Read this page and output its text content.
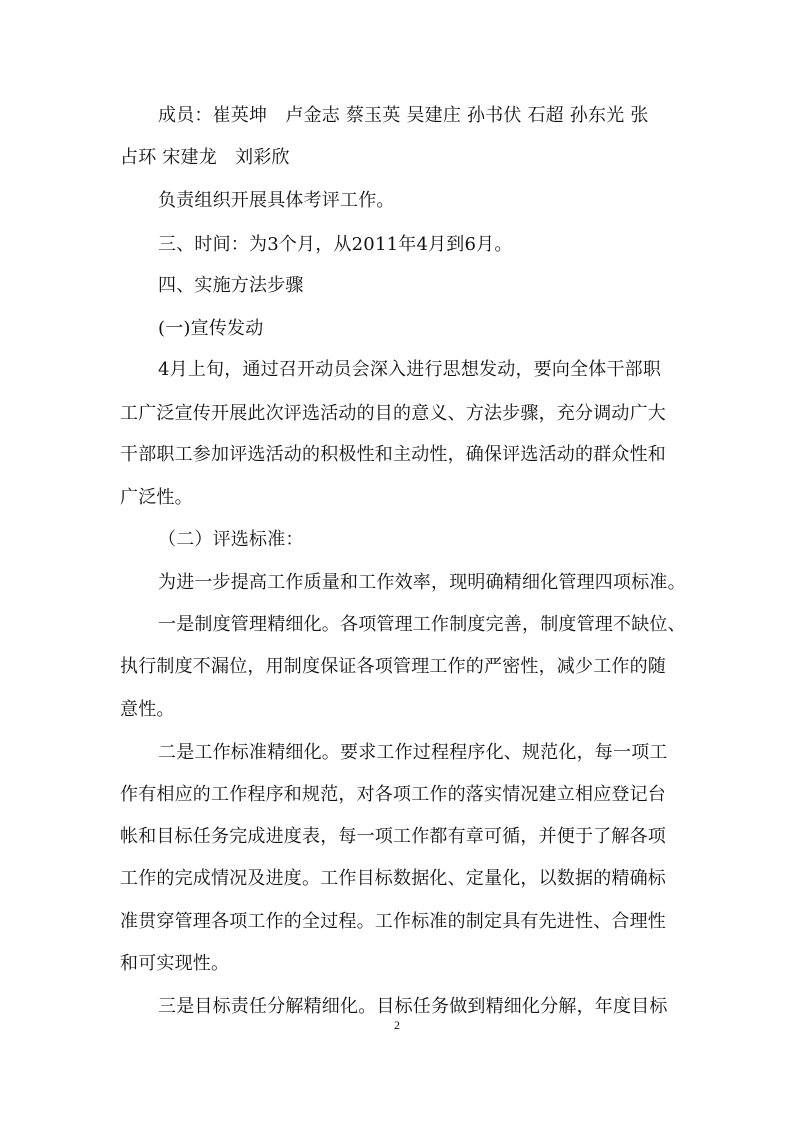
成员：崔英坤　卢金志 蔡玉英 吴建庄 孙书伏 石超 孙东光 张
占环 宋建龙　刘彩欣
负责组织开展具体考评工作。
三、时间：为3个月，从2011年4月到6月。
四、实施方法步骤
(一)宣传发动
4月上旬，通过召开动员会深入进行思想发动，要向全体干部职
工广泛宣传开展此次评选活动的目的意义、方法步骤，充分调动广大
干部职工参加评选活动的积极性和主动性，确保评选活动的群众性和
广泛性。
（二）评选标准：
为进一步提高工作质量和工作效率，现明确精细化管理四项标准。
一是制度管理精细化。各项管理工作制度完善，制度管理不缺位、
执行制度不漏位，用制度保证各项管理工作的严密性，减少工作的随
意性。
二是工作标准精细化。要求工作过程程序化、规范化，每一项工
作有相应的工作程序和规范，对各项工作的落实情况建立相应登记台
帐和目标任务完成进度表，每一项工作都有章可循，并便于了解各项
工作的完成情况及进度。工作目标数据化、定量化，以数据的精确标
准贯穿管理各项工作的全过程。工作标准的制定具有先进性、合理性
和可实现性。
三是目标责任分解精细化。目标任务做到精细化分解，年度目标
2
